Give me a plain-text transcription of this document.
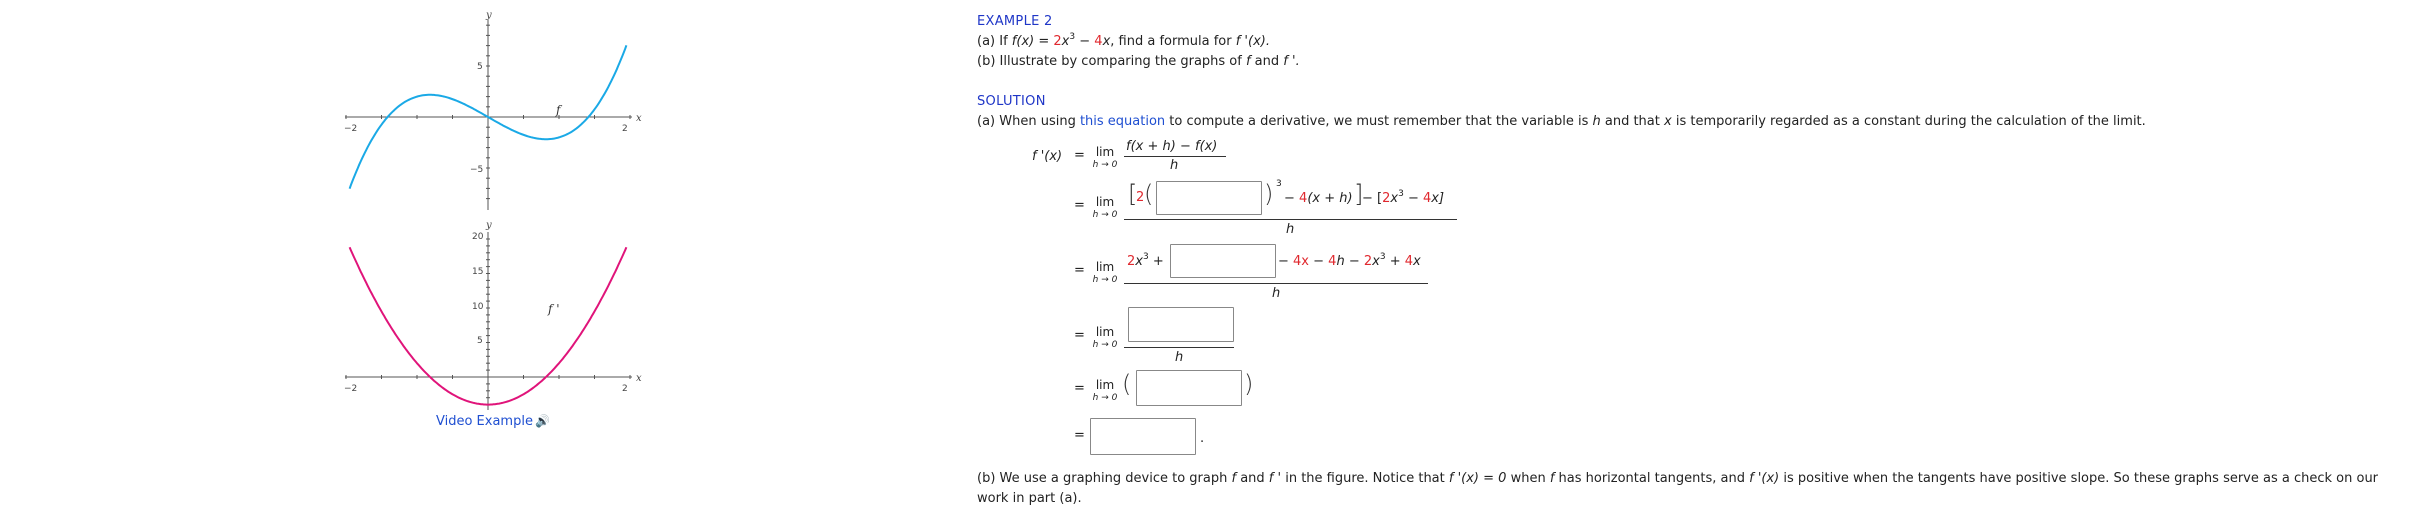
y
x
−2	2
5
−5
f
y
x
−2	2
20
15
10
5
f '
Video Example 🔊
EXAMPLE 2
(a) If $f(x) = 2x^3 - 4x$, find a formula for f '(x).
(b) Illustrate by comparing the graphs of f and f '.
SOLUTION
(a) When using this equation to compute a derivative, we must remember that the variable is h and that x is temporarily regarded as a constant during the calculation of the limit.
f '(x) = lim
h → 0
f(x + h) − f(x)
h
= lim
h → 0
[
2 (	) 3
− 4(x + h) ]
− $[2x^3 - 4x]$
h
= lim
h → 0
$2x^3$ +	− $4x - 4h - 2x^3 + 4x$
h
= lim
h → 0
h
= lim
h → 0 (	)
=	.
(b) We use a graphing device to graph f and f ' in the figure. Notice that f '(x) = 0 when f has horizontal tangents, and f '(x) is positive when the tangents have positive slope. So these graphs serve as a check on our
work in part (a).
